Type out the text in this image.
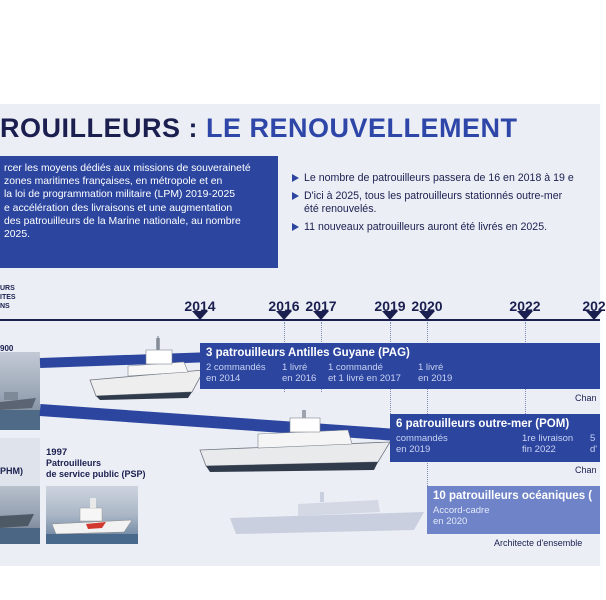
ROUILLEURS : LE RENOUVELLEMENT

rcer les moyens dédiés aux missions de souveraineté

zones maritimes françaises, en métropole et en

la loi de programmation militaire (LPM) 2019-2025

e accélération des livraisons et une augmentation

des patrouilleurs de la Marine nationale, au nombre

2025.

Le nombre de patrouilleurs passera de 16 en 2018 à 19 e
D'ici à 2025, tous les patrouilleurs stationnés outre-mer
été renouvelés.
11 nouveaux patrouilleurs auront été livrés en 2025.
URS
ITES
NS	2014	2016 2017	2019 2020	2022	202
900
PHM)
1997
Patrouilleurs
de service public (PSP)
3 patrouilleurs Antilles Guyane (PAG)
2 commandés
en 2014
1 livré
en 2016
1 commandé
et 1 livré en 2017
1 livré
en 2019
Chan
6 patrouilleurs outre-mer (POM)
commandés
en 2019
1re livraison
fin 2022
5
d'
Chan
10 patrouilleurs océaniques (
Accord-cadre
en 2020
Architecte d'ensemble
